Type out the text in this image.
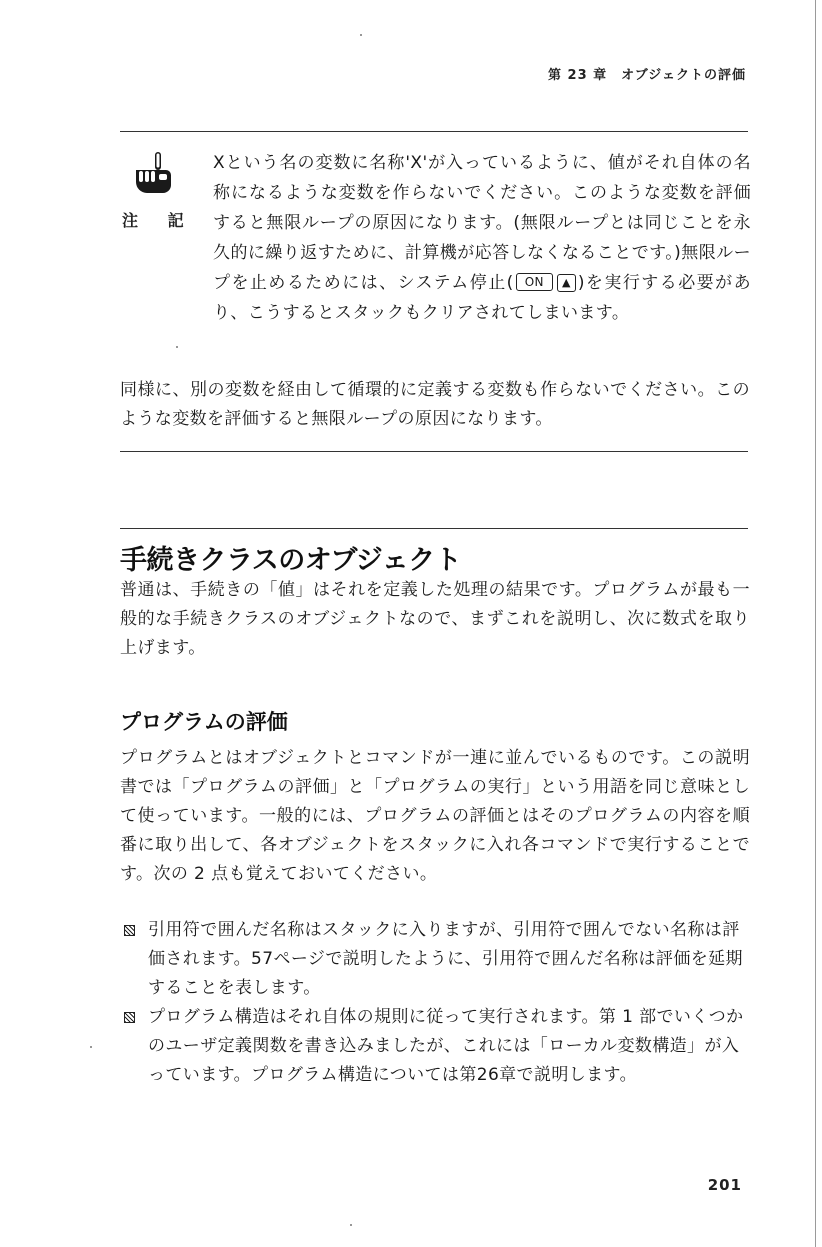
第 23 章　オブジェクトの評価
注 記
Xという名の変数に名称'X'が入っているように、値がそれ自体の名称になるような変数を作らないでください。このような変数を評価すると無限ループの原因になります。(無限ループとは同じことを永久的に繰り返すために、計算機が応答しなくなることです。)無限ループを止めるためには、システム停止( ON ▲ )を実行する必要があり、こうするとスタックもクリアされてしまいます。
同様に、別の変数を経由して循環的に定義する変数も作らないでください。このような変数を評価すると無限ループの原因になります。
手続きクラスのオブジェクト
普通は、手続きの「値」はそれを定義した処理の結果です。プログラムが最も一般的な手続きクラスのオブジェクトなので、まずこれを説明し、次に数式を取り上げます。
プログラムの評価
プログラムとはオブジェクトとコマンドが一連に並んでいるものです。この説明書では「プログラムの評価」と「プログラムの実行」という用語を同じ意味として使っています。一般的には、プログラムの評価とはそのプログラムの内容を順番に取り出して、各オブジェクトをスタックに入れ各コマンドで実行することです。次の 2 点も覚えておいてください。
引用符で囲んだ名称はスタックに入りますが、引用符で囲んでない名称は評価されます。57ページで説明したように、引用符で囲んだ名称は評価を延期することを表します。
プログラム構造はそれ自体の規則に従って実行されます。第 1 部でいくつかのユーザ定義関数を書き込みましたが、これには「ローカル変数構造」が入っています。プログラム構造については第26章で説明します。
201
